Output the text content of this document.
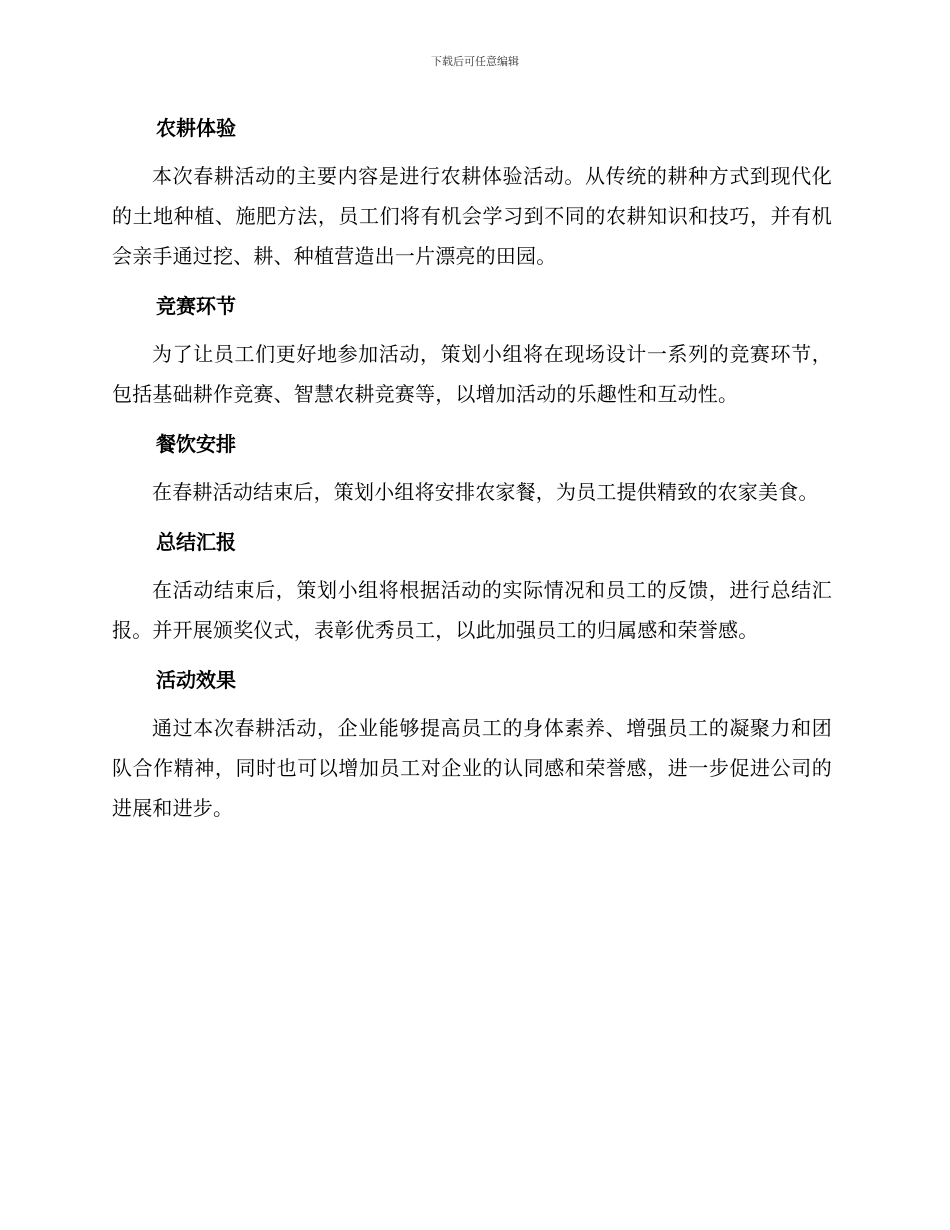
下载后可任意编辑
农耕体验

本次春耕活动的主要内容是进行农耕体验活动。从传统的耕种方式到现代化的土地种植、施肥方法，员工们将有机会学习到不同的农耕知识和技巧，并有机会亲手通过挖、耕、种植营造出一片漂亮的田园。

竞赛环节

为了让员工们更好地参加活动，策划小组将在现场设计一系列的竞赛环节，包括基础耕作竞赛、智慧农耕竞赛等，以增加活动的乐趣性和互动性。

餐饮安排

在春耕活动结束后，策划小组将安排农家餐，为员工提供精致的农家美食。

总结汇报

在活动结束后，策划小组将根据活动的实际情况和员工的反馈，进行总结汇报。并开展颁奖仪式，表彰优秀员工，以此加强员工的归属感和荣誉感。

活动效果

通过本次春耕活动，企业能够提高员工的身体素养、增强员工的凝聚力和团队合作精神，同时也可以增加员工对企业的认同感和荣誉感，进一步促进公司的进展和进步。
